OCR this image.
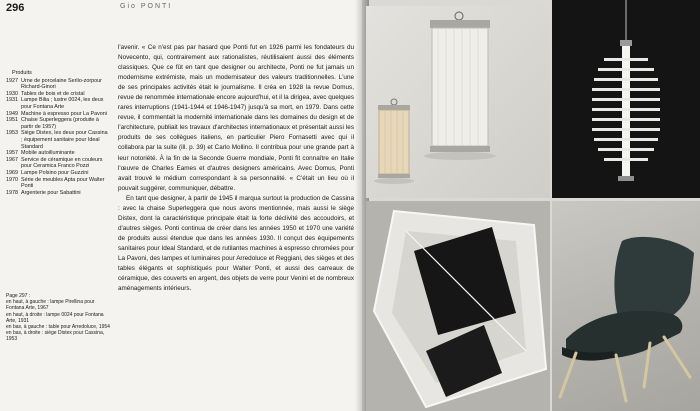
296	Gio PONTI
Produits
1927 Urne de porcelaine Serlio-zorpour Richard-Ginori
1930 Tables de bois et de cristal
1931 Lampe Bilia ; lustre 0024, les deux pour Fontana Arte
1949 Machine à espresso pour La Pavoni
1951 Chaise Superleggera (produite à partir de 1957)
1953 Siège Distex, les deux pour Cassina ; équipement sanitaire pour Ideal Standard
1957 Mobile autoilluminante
1967 Service de céramique en couleurs pour Ceramica Franco Pozzi
1969 Lampe Polsino pour Guzzini
1970 Série de meubles Apta pour Walter Ponti
1978 Argenterie pour Sabattini
Page 297 :
en haut, à gauche : lampe Pirellina pour Fontana Arte, 1967
en haut, à droite : lampe 0024 pour Fontana Arte, 1931
en bas, à gauche : table pour Arredoluce, 1954
en bas, à droite : siège Distex pour Cassina, 1953

l'avenir. « Ce n'est pas par hasard que Ponti fut en 1926 parmi les fondateurs du Novecento, qui, contrairement aux rationalistes, réutilisaient aussi des éléments classiques. Que ce fût en tant que designer ou architecte, Ponti ne fut jamais un modernisme extrémiste, mais un modernisateur des valeurs traditionnelles. L'une de ses principales activités était le journalisme. Il créa en 1928 la revue Domus, revue de renommée internationale encore aujourd'hui, et il la dirigea, avec quelques rares interruptions (1941-1944 et 1946-1947) jusqu'à sa mort, en 1979. Dans cette revue, il commentait la modernité internationale dans les domaines du design et de l'architecture, publiait les travaux d'architectes internationaux et présentait aussi les produits de ses collègues italiens, en particulier Piero Fornasetti avec qui il collabora par la suite (ill. p. 39) et Carlo Mollino. Il contribua pour une grande part à leur notoriété. À la fin de la Seconde Guerre mondiale, Ponti fit connaître en Italie l'œuvre de Charles Eames et d'autres designers américains. Avec Domus, Ponti avait trouvé le médium correspondant à sa personnalité. « C'était un lieu où il pouvait suggérer, communiquer, débattre.

En tant que designer, à partir de 1945 il marqua surtout la production de Cassina : avec la chaise Superleggera que nous avons mentionnée, mais aussi le siège Distex, dont la caractéristique principale était la forte déclivité des accoudoirs, et d'autres sièges. Ponti continua de créer dans les années 1950 et 1970 une variété de produits aussi étendue que dans les années 1930. Il conçut des équipements sanitaires pour Ideal Standard, et de rutilantes machines à espresso chromées pour La Pavoni, des lampes et luminaires pour Arredoluce et Reggiani, des sièges et des tables élégants et sophistiqués pour Walter Ponti, et aussi des carreaux de céramique, des couverts en argent, des objets de verre pour Venini et de nombreux aménagements intérieurs.
